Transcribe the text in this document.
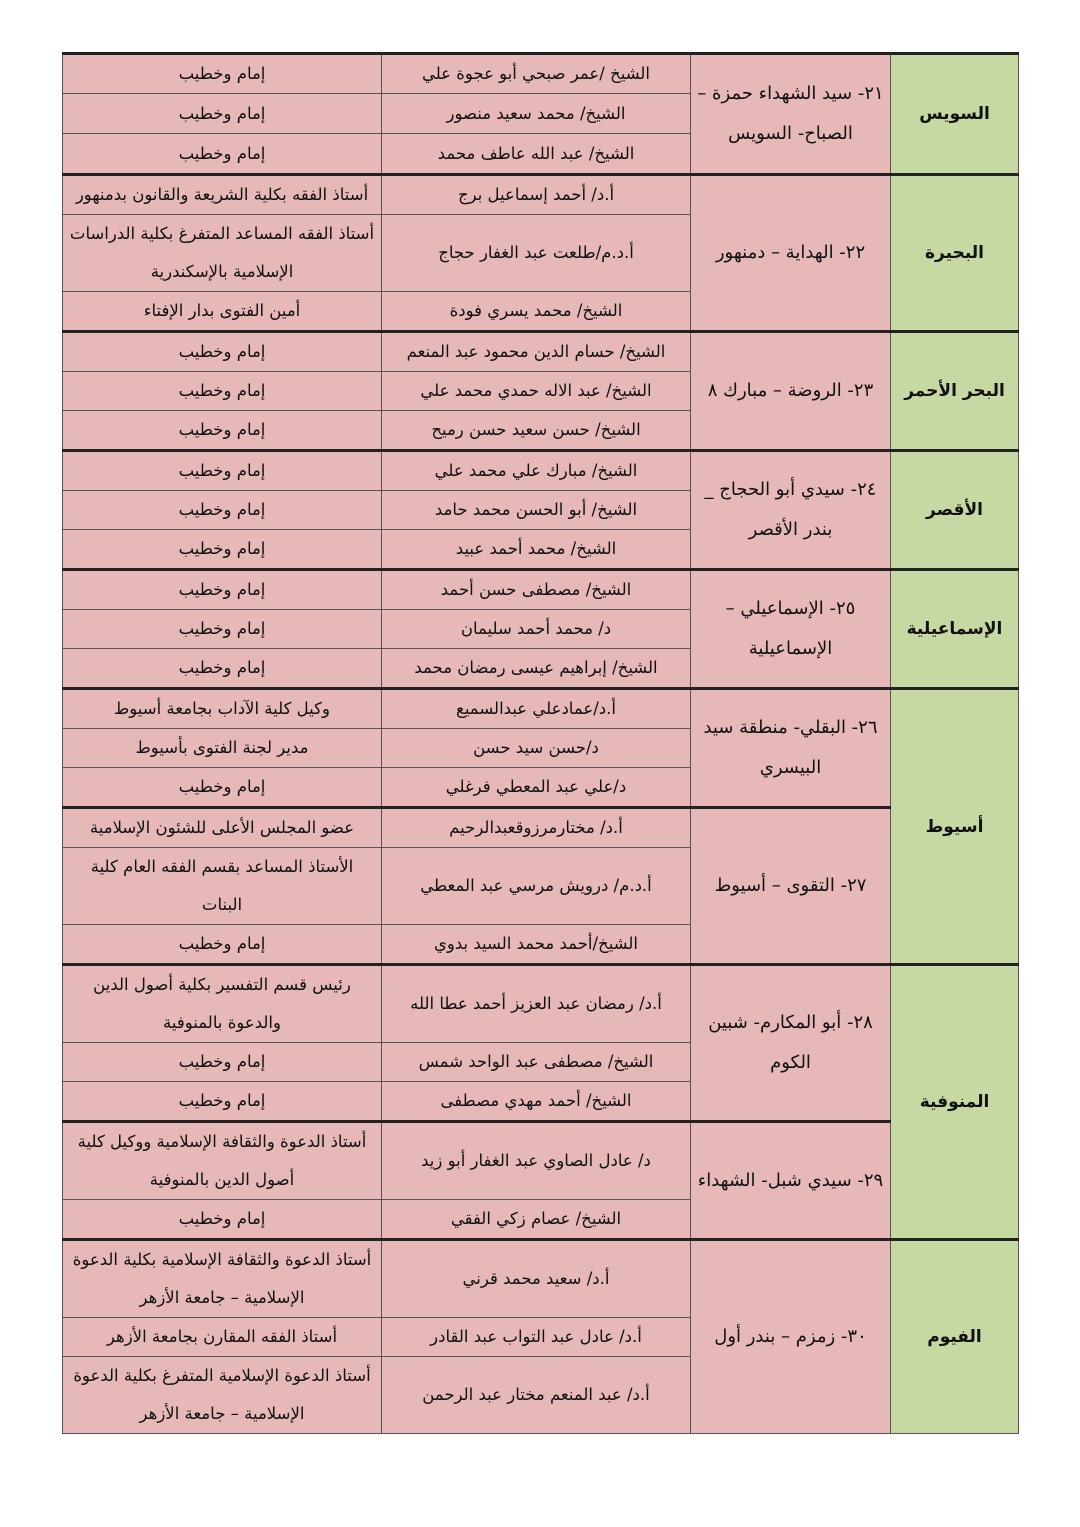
السويس	٢١- سيد الشهداء حمزة – الصباح- السويس	الشيخ /عمر صبحي أبو عجوة علي	إمام وخطيب
		الشيخ/ محمد سعيد منصور	إمام وخطيب
		الشيخ/ عبد الله عاطف محمد	إمام وخطيب
البحيرة	٢٢- الهداية – دمنهور	أ.د/ أحمد إسماعيل برج	أستاذ الفقه بكلية الشريعة والقانون بدمنهور
		أ.د.م/طلعت عبد الغفار حجاج	أستاذ الفقه المساعد المتفرغ بكلية الدراسات الإسلامية بالإسكندرية
		الشيخ/ محمد يسري فودة	أمين الفتوى بدار الإفتاء
البحر الأحمر	٢٣- الروضة – مبارك ٨	الشيخ/ حسام الدين محمود عبد المنعم	إمام وخطيب
		الشيخ/ عبد الاله حمدي محمد علي	إمام وخطيب
		الشيخ/ حسن سعيد حسن رميح	إمام وخطيب
الأقصر	٢٤- سيدي أبو الحجاج _ بندر الأقصر	الشيخ/ مبارك علي محمد علي	إمام وخطيب
		الشيخ/ أبو الحسن محمد حامد	إمام وخطيب
		الشيخ/ محمد أحمد عبيد	إمام وخطيب
الإسماعيلية	٢٥- الإسماعيلي – الإسماعيلية	الشيخ/ مصطفى حسن أحمد	إمام وخطيب
		د/ محمد أحمد سليمان	إمام وخطيب
		الشيخ/ إبراهيم عيسى رمضان محمد	إمام وخطيب
أسيوط	٢٦- البقلي- منطقة سيد البيسري	أ.د/عمادعلي عبدالسميع	وكيل كلية الآداب بجامعة أسيوط
		د/حسن سيد حسن	مدير لجنة الفتوى بأسيوط
		د/علي عبد المعطي فرغلي	إمام وخطيب
	٢٧- التقوى – أسيوط	أ.د/ مختارمرزوقعبدالرحيم	عضو المجلس الأعلى للشئون الإسلامية
		أ.د.م/ درويش مرسي عبد المعطي	الأستاذ المساعد بقسم الفقه العام كلية البنات
		الشيخ/أحمد محمد السيد بدوي	إمام وخطيب
المنوفية	٢٨- أبو المكارم- شبين الكوم	أ.د/ رمضان عبد العزيز أحمد عطا الله	رئيس قسم التفسير بكلية أصول الدين والدعوة بالمنوفية
		الشيخ/ مصطفى عبد الواحد شمس	إمام وخطيب
		الشيخ/ أحمد مهدي مصطفى	إمام وخطيب
	٢٩- سيدي شبل- الشهداء	د/ عادل الصاوي عبد الغفار أبو زيد	أستاذ الدعوة والثقافة الإسلامية ووكيل كلية أصول الدين بالمنوفية
		الشيخ/ عصام زكي الفقي	إمام وخطيب
الفيوم	٣٠- زمزم – بندر أول	أ.د/ سعيد محمد قرني	أستاذ الدعوة والثقافة الإسلامية بكلية الدعوة الإسلامية – جامعة الأزهر
		أ.د/ عادل عبد التواب عبد القادر	أستاذ الفقه المقارن بجامعة الأزهر
		أ.د/ عبد المنعم مختار عبد الرحمن	أستاذ الدعوة الإسلامية المتفرغ بكلية الدعوة الإسلامية – جامعة الأزهر
